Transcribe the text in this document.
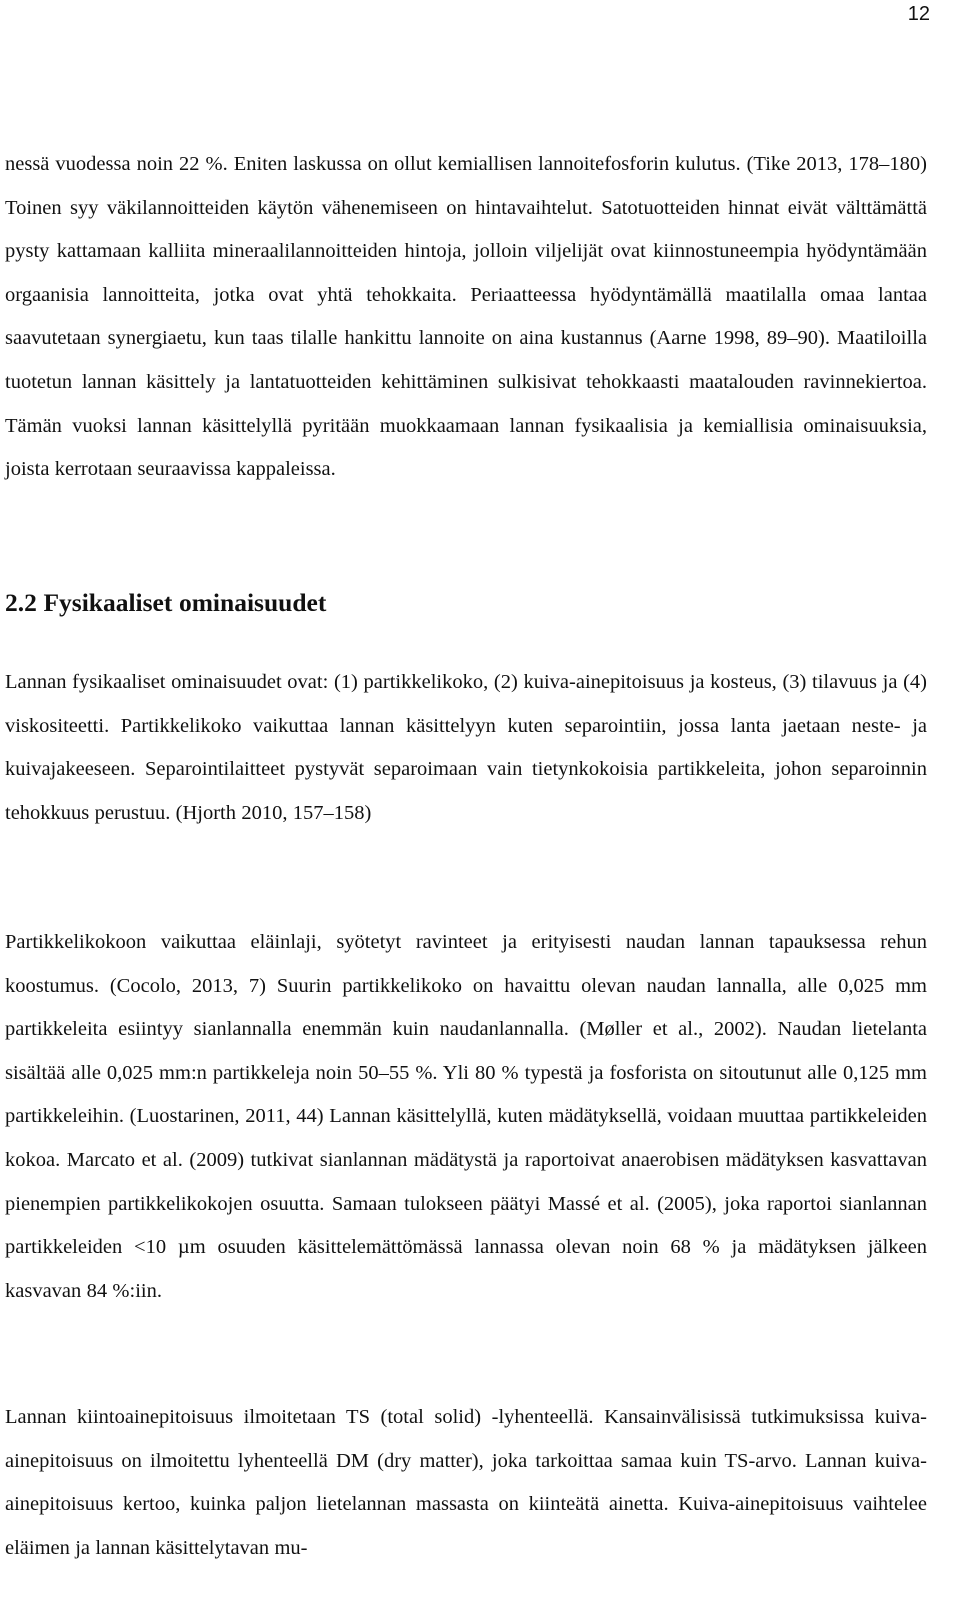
12

nessä vuodessa noin 22 %. Eniten laskussa on ollut kemiallisen lannoitefosforin kulutus. (Tike 2013, 178–180) Toinen syy väkilannoitteiden käytön vähenemiseen on hintavaihtelut. Satotuotteiden hinnat eivät välttämättä pysty kattamaan kalliita mineraalilannoitteiden hintoja, jolloin viljelijät ovat kiinnostuneempia hyödyntämään orgaanisia lannoitteita, jotka ovat yhtä tehokkaita. Periaatteessa hyödyntämällä maatilalla omaa lantaa saavutetaan synergiaetu, kun taas tilalle hankittu lannoite on aina kustannus (Aarne 1998, 89–90). Maatiloilla tuotetun lannan käsittely ja lantatuotteiden kehittäminen sulkisivat tehokkaasti maatalouden ravinnekiertoa. Tämän vuoksi lannan käsittelyllä pyritään muokkaamaan lannan fysikaalisia ja kemiallisia ominaisuuksia, joista kerrotaan seuraavissa kappaleissa.

2.2 Fysikaaliset ominaisuudet

Lannan fysikaaliset ominaisuudet ovat: (1) partikkelikoko, (2) kuiva-ainepitoisuus ja kosteus, (3) tilavuus ja (4) viskositeetti. Partikkelikoko vaikuttaa lannan käsittelyyn kuten separointiin, jossa lanta jaetaan neste- ja kuivajakeeseen. Separointilaitteet pystyvät separoimaan vain tietynkokoisia partikkeleita, johon separoinnin tehokkuus perustuu. (Hjorth 2010, 157–158)

Partikkelikokoon vaikuttaa eläinlaji, syötetyt ravinteet ja erityisesti naudan lannan tapauksessa rehun koostumus. (Cocolo, 2013, 7) Suurin partikkelikoko on havaittu olevan naudan lannalla, alle 0,025 mm partikkeleita esiintyy sianlannalla enemmän kuin naudanlannalla. (Møller et al., 2002). Naudan lietelanta sisältää alle 0,025 mm:n partikkeleja noin 50–55 %. Yli 80 % typestä ja fosforista on sitoutunut alle 0,125 mm partikkeleihin. (Luostarinen, 2011, 44) Lannan käsittelyllä, kuten mädätyksellä, voidaan muuttaa partikkeleiden kokoa. Marcato et al. (2009) tutkivat sianlannan mädätystä ja raportoivat anaerobisen mädätyksen kasvattavan pienempien partikkelikokojen osuutta. Samaan tulokseen päätyi Massé et al. (2005), joka raportoi sianlannan partikkeleiden <10 µm osuuden käsittelemättömässä lannassa olevan noin 68 % ja mädätyksen jälkeen kasvavan 84 %:iin.

Lannan kiintoainepitoisuus ilmoitetaan TS (total solid) -lyhenteellä. Kansainvälisissä tutkimuksissa kuiva-ainepitoisuus on ilmoitettu lyhenteellä DM (dry matter), joka tarkoittaa samaa kuin TS-arvo. Lannan kuiva-ainepitoisuus kertoo, kuinka paljon lietelannan massasta on kiinteätä ainetta. Kuiva-ainepitoisuus vaihtelee eläimen ja lannan käsittelytavan mu-
